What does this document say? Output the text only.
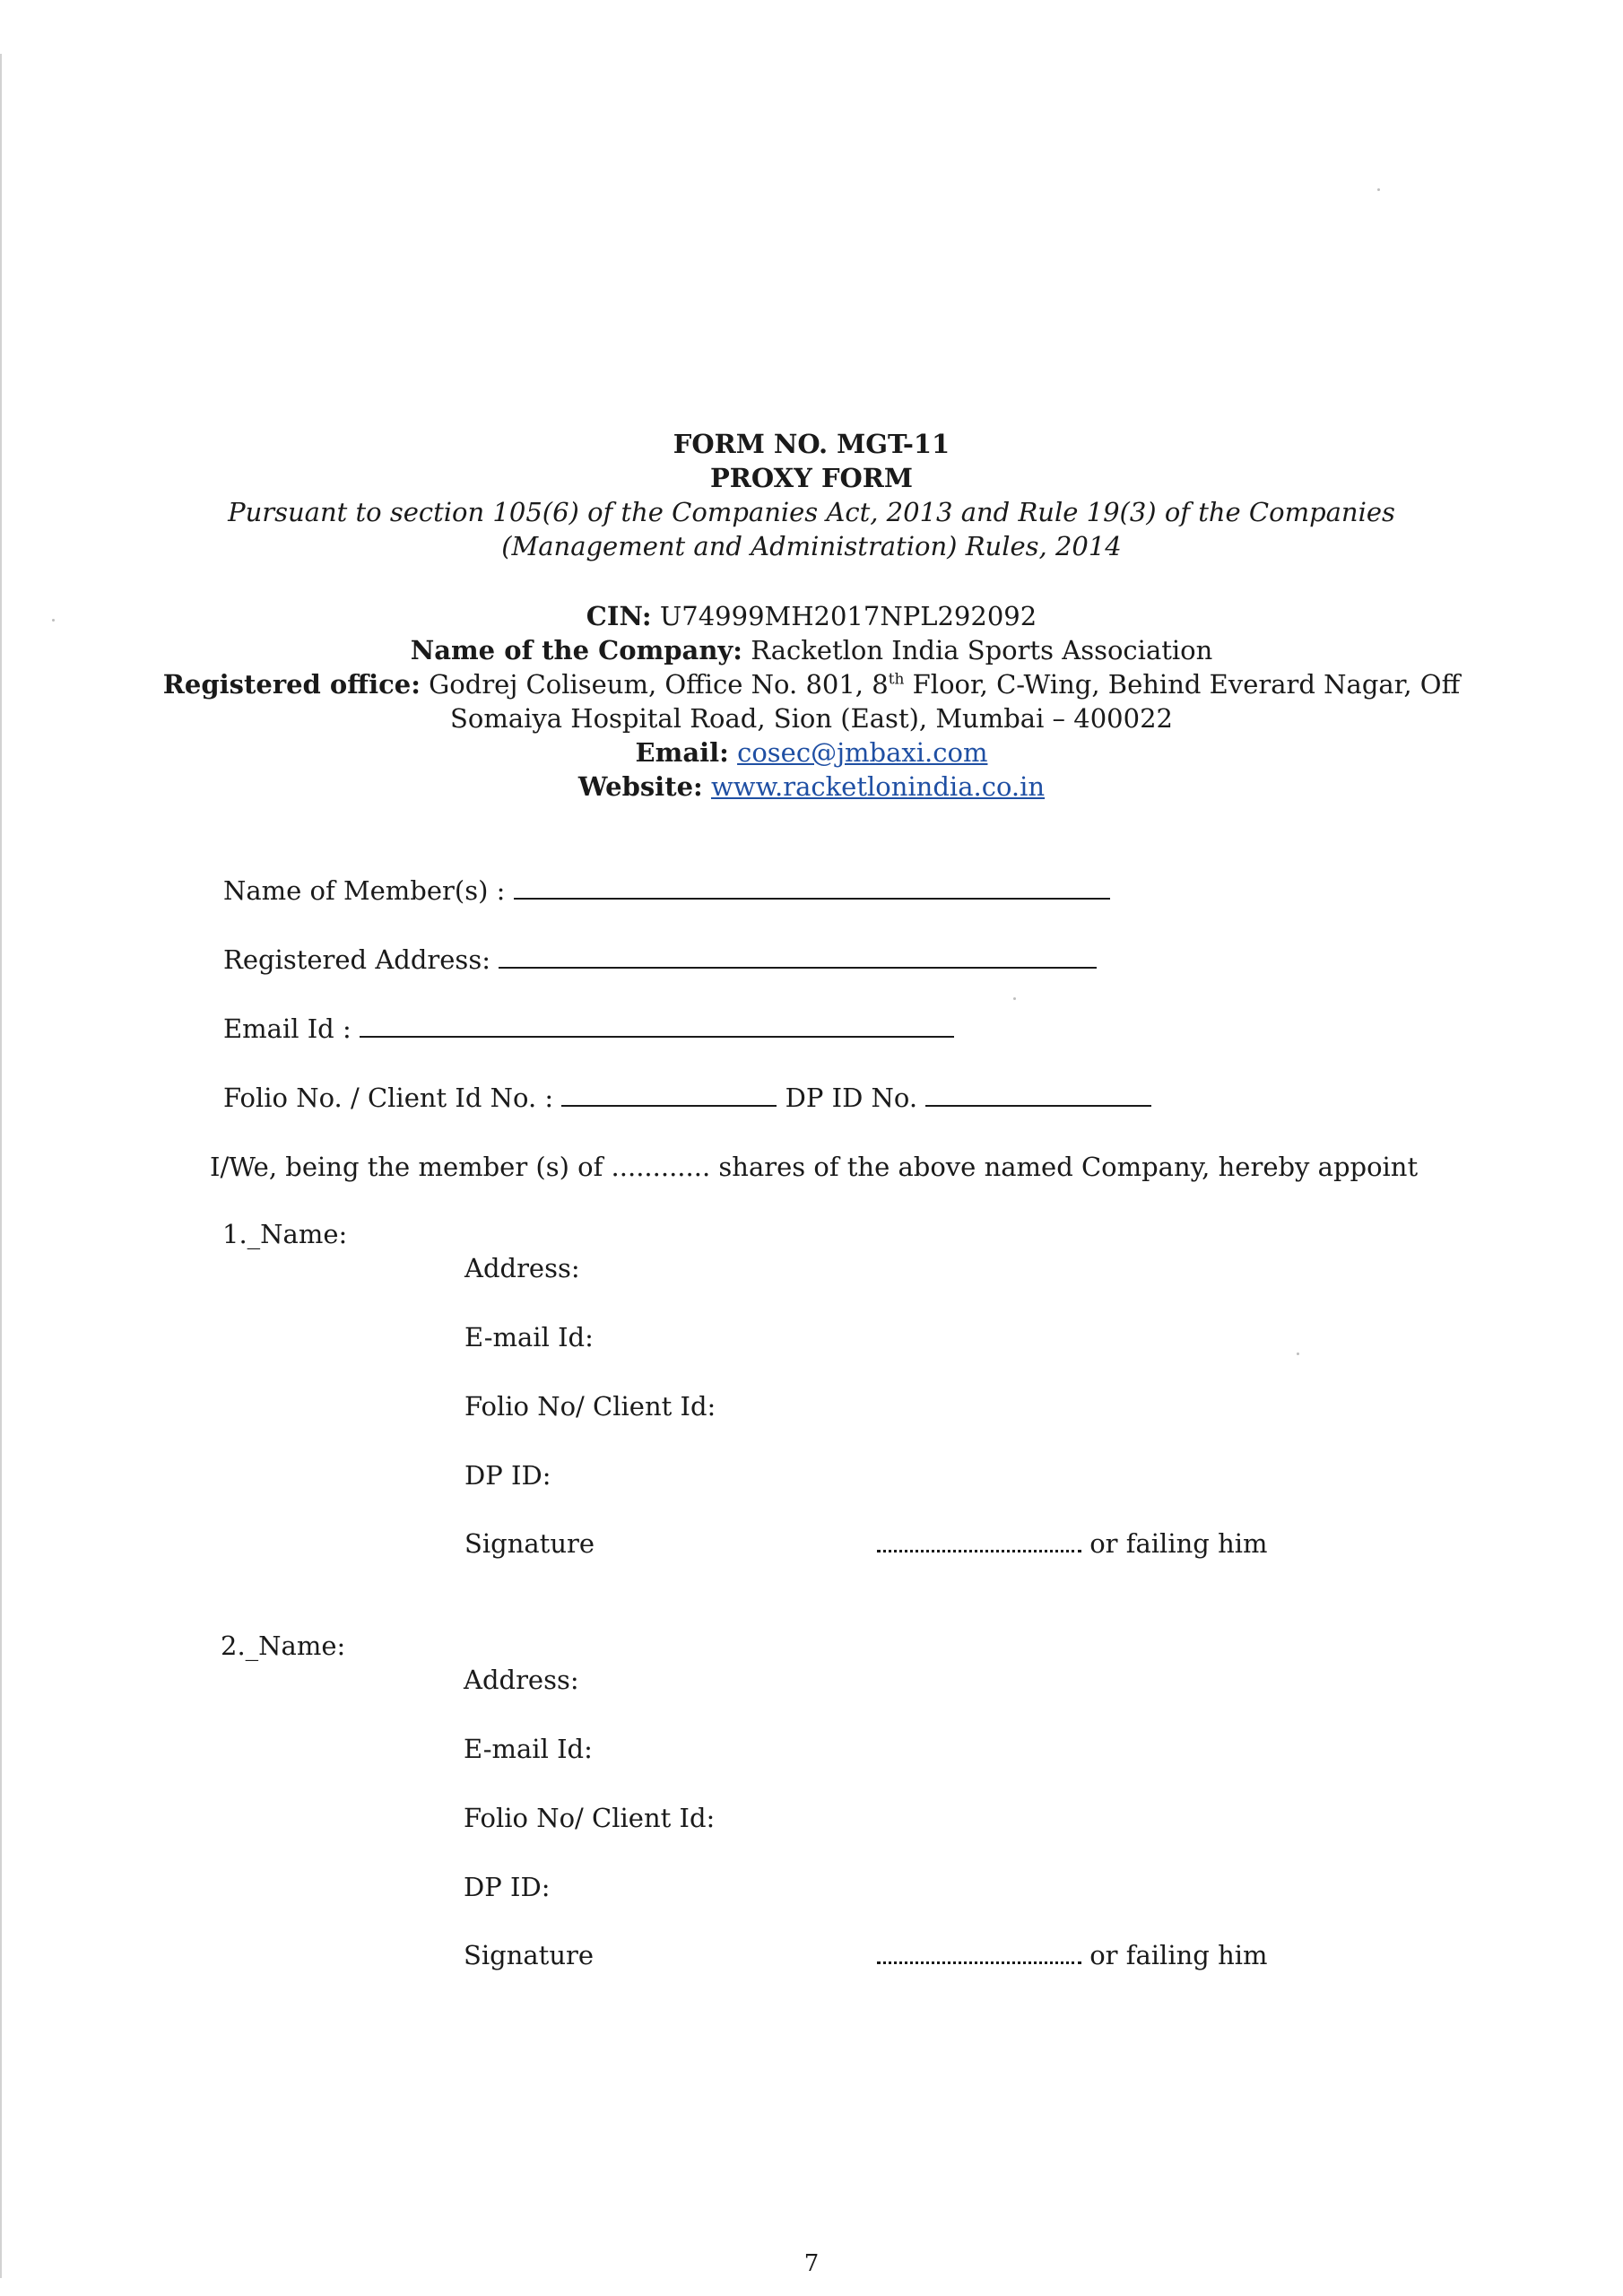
FORM NO. MGT-11
PROXY FORM
Pursuant to section 105(6) of the Companies Act, 2013 and Rule 19(3) of the Companies
(Management and Administration) Rules, 2014
CIN: U74999MH2017NPL292092
Name of the Company: Racketlon India Sports Association
Registered office: Godrej Coliseum, Office No. 801, 8th Floor, C-Wing, Behind Everard Nagar, Off
Somaiya Hospital Road, Sion (East), Mumbai – 400022
Email: cosec@jmbaxi.com
Website: www.racketlonindia.co.in
Name of Member(s) :
Registered Address:
Email Id :
Folio No. / Client Id No. :	DP ID No.
I/We, being the member (s) of ............ shares of the above named Company, hereby appoint
1._Name:
Address:
E-mail Id:
Folio No/ Client Id:
DP ID:
Signature	or failing him
2._Name:
Address:
E-mail Id:
Folio No/ Client Id:
DP ID:
Signature	or failing him
7
